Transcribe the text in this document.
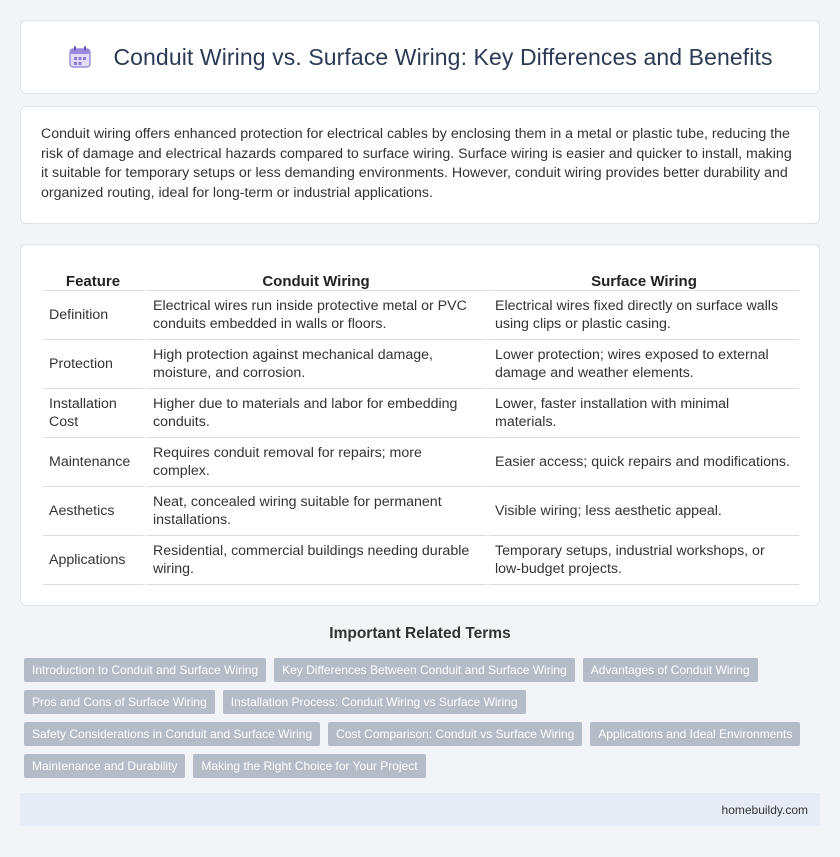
Conduit Wiring vs. Surface Wiring: Key Differences and Benefits

Conduit wiring offers enhanced protection for electrical cables by enclosing them in a metal or plastic tube, reducing the risk of damage and electrical hazards compared to surface wiring. Surface wiring is easier and quicker to install, making it suitable for temporary setups or less demanding environments. However, conduit wiring provides better durability and organized routing, ideal for long-term or industrial applications.

Feature	Conduit Wiring	Surface Wiring
Definition	Electrical wires run inside protective metal or PVC conduits embedded in walls or floors.	Electrical wires fixed directly on surface walls using clips or plastic casing.
Protection	High protection against mechanical damage, moisture, and corrosion.	Lower protection; wires exposed to external damage and weather elements.
Installation Cost	Higher due to materials and labor for embedding conduits.	Lower, faster installation with minimal materials.
Maintenance	Requires conduit removal for repairs; more complex.	Easier access; quick repairs and modifications.
Aesthetics	Neat, concealed wiring suitable for permanent installations.	Visible wiring; less aesthetic appeal.
Applications	Residential, commercial buildings needing durable wiring.	Temporary setups, industrial workshops, or low-budget projects.
Important Related Terms
Introduction to Conduit and Surface Wiring	Key Differences Between Conduit and Surface Wiring	Advantages of Conduit Wiring
Pros and Cons of Surface Wiring	Installation Process: Conduit Wiring vs Surface Wiring
Safety Considerations in Conduit and Surface Wiring	Cost Comparison: Conduit vs Surface Wiring	Applications and Ideal Environments
Maintenance and Durability	Making the Right Choice for Your Project
homebuildy.com
